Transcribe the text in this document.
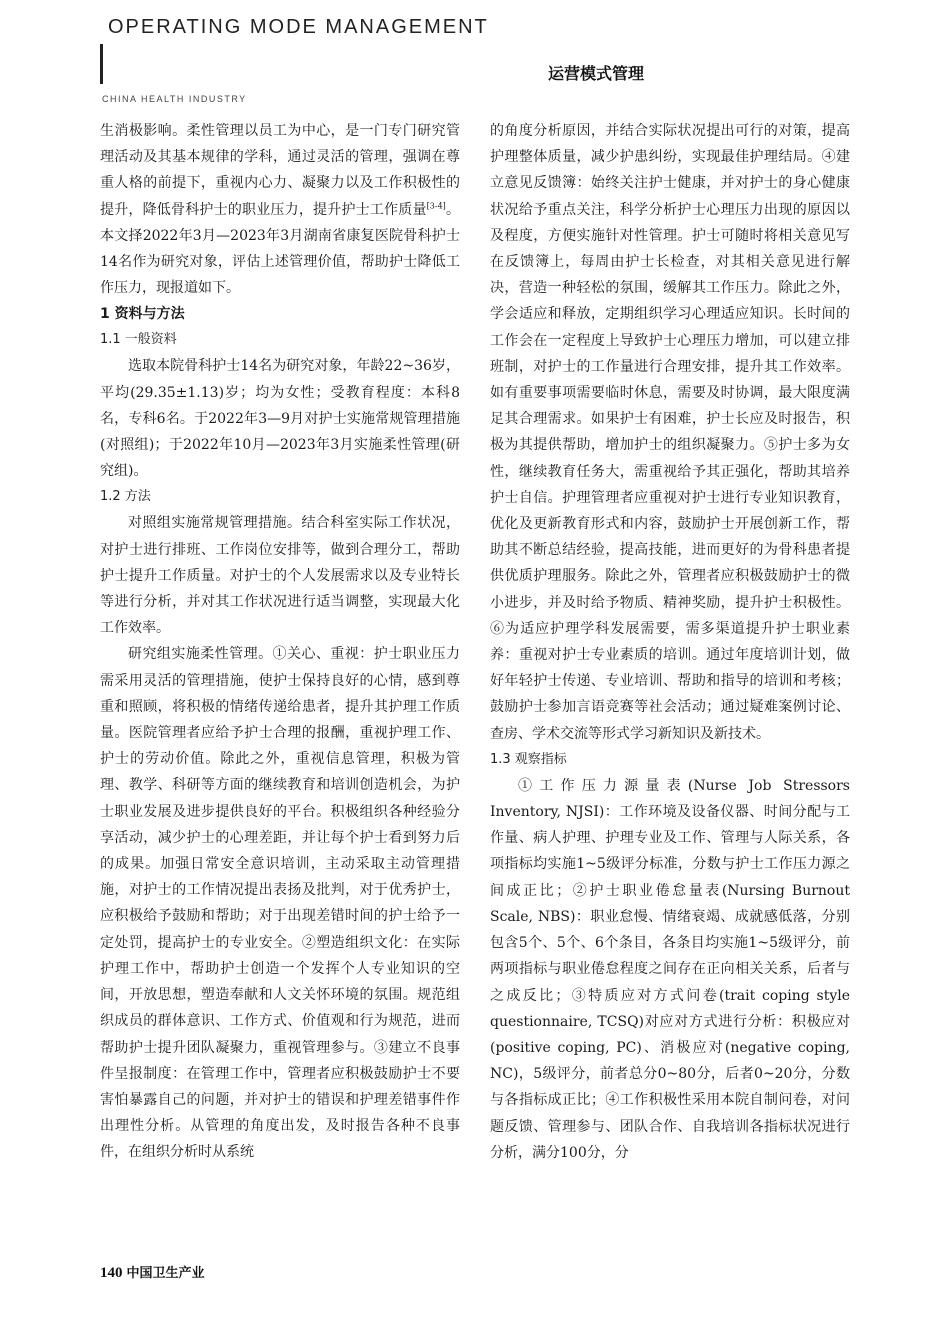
OPERATING MODE MANAGEMENT
运营模式管理
CHINA HEALTH INDUSTRY

生消极影响。柔性管理以员工为中心，是一门专门研究管理活动及其基本规律的学科，通过灵活的管理，强调在尊重人格的前提下，重视内心力、凝聚力以及工作积极性的提升，降低骨科护士的职业压力，提升护士工作质量[3-4]。本文择2022年3月—2023年3月湖南省康复医院骨科护士14名作为研究对象，评估上述管理价值，帮助护士降低工作压力，现报道如下。

1 资料与方法
1.1 一般资料

选取本院骨科护士14名为研究对象，年龄22~36岁，平均(29.35±1.13)岁；均为女性；受教育程度：本科8名，专科6名。于2022年3—9月对护士实施常规管理措施(对照组)；于2022年10月—2023年3月实施柔性管理(研究组)。

1.2 方法

对照组实施常规管理措施。结合科室实际工作状况，对护士进行排班、工作岗位安排等，做到合理分工，帮助护士提升工作质量。对护士的个人发展需求以及专业特长等进行分析，并对其工作状况进行适当调整，实现最大化工作效率。

研究组实施柔性管理。①关心、重视：护士职业压力需采用灵活的管理措施，使护士保持良好的心情，感到尊重和照顾，将积极的情绪传递给患者，提升其护理工作质量。医院管理者应给予护士合理的报酬，重视护理工作、护士的劳动价值。除此之外，重视信息管理，积极为管理、教学、科研等方面的继续教育和培训创造机会，为护士职业发展及进步提供良好的平台。积极组织各种经验分享活动，减少护士的心理差距，并让每个护士看到努力后的成果。加强日常安全意识培训，主动采取主动管理措施，对护士的工作情况提出表扬及批判，对于优秀护士，应积极给予鼓励和帮助；对于出现差错时间的护士给予一定处罚，提高护士的专业安全。②塑造组织文化：在实际护理工作中，帮助护士创造一个发挥个人专业知识的空间，开放思想，塑造奉献和人文关怀环境的氛围。规范组织成员的群体意识、工作方式、价值观和行为规范，进而帮助护士提升团队凝聚力，重视管理参与。③建立不良事件呈报制度：在管理工作中，管理者应积极鼓励护士不要害怕暴露自己的问题，并对护士的错误和护理差错事件作出理性分析。从管理的角度出发，及时报告各种不良事件，在组织分析时从系统

的角度分析原因，并结合实际状况提出可行的对策，提高护理整体质量，减少护患纠纷，实现最佳护理结局。④建立意见反馈簿：始终关注护士健康，并对护士的身心健康状况给予重点关注，科学分析护士心理压力出现的原因以及程度，方便实施针对性管理。护士可随时将相关意见写在反馈簿上，每周由护士长检查，对其相关意见进行解决，营造一种轻松的氛围，缓解其工作压力。除此之外，学会适应和释放，定期组织学习心理适应知识。长时间的工作会在一定程度上导致护士心理压力增加，可以建立排班制，对护士的工作量进行合理安排，提升其工作效率。如有重要事项需要临时休息，需要及时协调，最大限度满足其合理需求。如果护士有困难，护士长应及时报告，积极为其提供帮助，增加护士的组织凝聚力。⑤护士多为女性，继续教育任务大，需重视给予其正强化，帮助其培养护士自信。护理管理者应重视对护士进行专业知识教育，优化及更新教育形式和内容，鼓励护士开展创新工作，帮助其不断总结经验，提高技能，进而更好的为骨科患者提供优质护理服务。除此之外，管理者应积极鼓励护士的微小进步，并及时给予物质、精神奖励，提升护士积极性。⑥为适应护理学科发展需要，需多渠道提升护士职业素养：重视对护士专业素质的培训。通过年度培训计划，做好年轻护士传递、专业培训、帮助和指导的培训和考核；鼓励护士参加言语竞赛等社会活动；通过疑难案例讨论、查房、学术交流等形式学习新知识及新技术。

1.3 观察指标

①工作压力源量表(Nurse Job Stressors Inventory, NJSI)：工作环境及设备仪器、时间分配与工作量、病人护理、护理专业及工作、管理与人际关系，各项指标均实施1~5级评分标准，分数与护士工作压力源之间成正比；②护士职业倦怠量表(Nursing Burnout Scale, NBS)：职业怠慢、情绪衰竭、成就感低落，分别包含5个、5个、6个条目，各条目均实施1~5级评分，前两项指标与职业倦怠程度之间存在正向相关关系，后者与之成反比；③特质应对方式问卷(trait coping style questionnaire, TCSQ)对应对方式进行分析：积极应对(positive coping, PC)、消极应对(negative coping, NC)，5级评分，前者总分0~80分，后者0~20分，分数与各指标成正比；④工作积极性采用本院自制问卷，对问题反馈、管理参与、团队合作、自我培训各指标状况进行分析，满分100分，分

140 中国卫生产业
